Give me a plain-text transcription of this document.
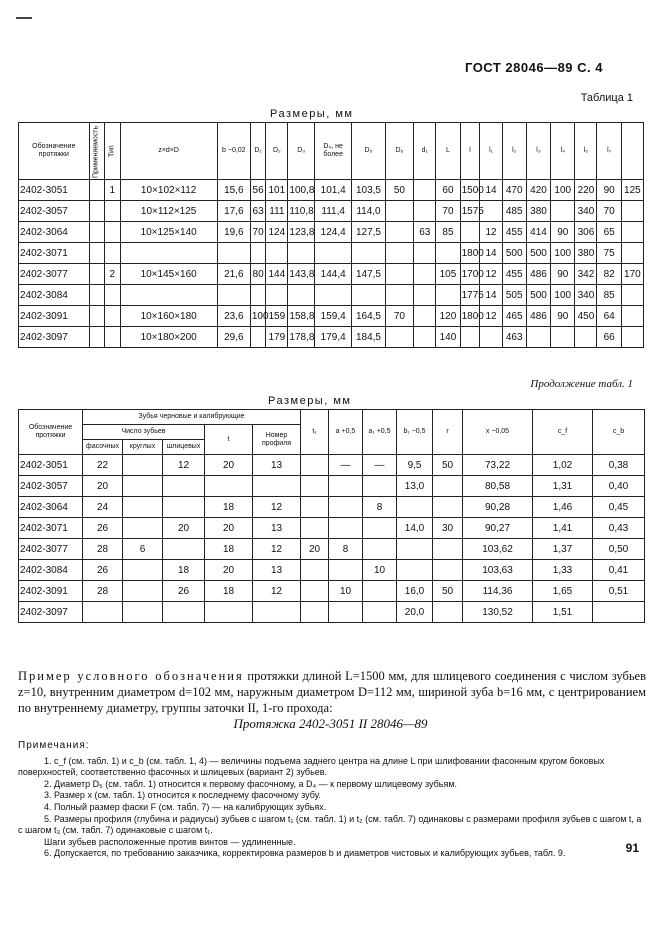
ГОСТ 28046—89 С. 4
Таблица 1
Размеры, мм
Обозначение протяжки	Применяемость	Тип	z×d×D	b −0,02	D₁	D₂	D₃	D₄, не более	D₅	D₆	d₁	L	l	l₁	l₂	l₃	l₄	l₅	l₇	
2402-3051		1	10×102×112	15,6	56	101	100,8	101,4	103,5	50		60	1500	14	470	420	100	220	90	125
2402-3057			10×112×125	17,6	63	111	110,8	111,4	114,0			70	1575		485	380		340	70	
2402-3064			10×125×140	19,6	70	124	123,8	124,4	127,5		63	85		12	455	414	90	306	65	
2402-3071													1800	14	500	500	100	380	75	
2402-3077		2	10×145×160	21,6	80	144	143,8	144,4	147,5			105	1700	12	455	486	90	342	82	170
2402-3084													1775	14	505	500	100	340	85	
2402-3091			10×160×180	23,6	100	159	158,8	159,4	164,5	70		120	1800	12	465	486	90	450	64	
2402-3097			10×180×200	29,6		179	178,8	179,4	184,5			140			463				66	
Продолжение табл. 1
Размеры, мм
Обозначение протяжки	Зубья черновые и калибрующие					t₁	a +0,5	a₁ +0,5	b₁ −0,5	r	x −0,05	c_f	c_b
	Число зубьев			t	Номер профиля								
	фасочных	круглых	шлицевых										
2402-3051	22		12	20	13		—	—	9,5	50	73,22	1,02	0,38
2402-3057	20								13,0		80,58	1,31	0,40
2402-3064	24			18	12			8			90,28	1,46	0,45
2402-3071	26		20	20	13				14,0	30	90,27	1,41	0,43
2402-3077	28	6		18	12	20	8				103,62	1,37	0,50
2402-3084	26		18	20	13			10			103,63	1,33	0,41
2402-3091	28		26	18	12		10		16,0	50	114,36	1,65	0,51
2402-3097									20,0		130,52	1,51	
Пример условного обозначения протяжки длиной L=1500 мм, для шлицевого соединения с числом зубьев z=10, внутренним диаметром d=102 мм, наружным диаметром D=112 мм, шириной зуба b=16 мм, с центрированием по внутреннему диаметру, группы заточки II, 1-го прохода:
Протяжка 2402-3051 II 28046—89
Примечания:

1. c_f (см. табл. 1) и c_b (см. табл. 1, 4) — величины подъема заднего центра на длине L при шлифовании фасонным кругом боковых поверхностей, соответственно фасочных и шлицевых (вариант 2) зубьев.

2. Диаметр D₅ (см. табл. 1) относится к первому фасочному, а D₄ — к первому шлицевому зубьям.

3. Размер x (см. табл. 1) относится к последнему фасочному зубу.

4. Полный размер фаски F (см. табл. 7) — на калибрующих зубьях.

5. Размеры профиля (глубина и радиусы) зубьев с шагом t₁ (см. табл. 1) и t₂ (см. табл. 7) одинаковы с размерами профиля зубьев с шагом t, а с шагом t₃ (см. табл. 7) одинаковые с шагом t₁.

Шаги зубьев расположенные против винтов — удлиненные.

6. Допускается, по требованию заказчика, корректировка размеров b и диаметров чистовых и калибрующих зубьев, табл. 9.	91
